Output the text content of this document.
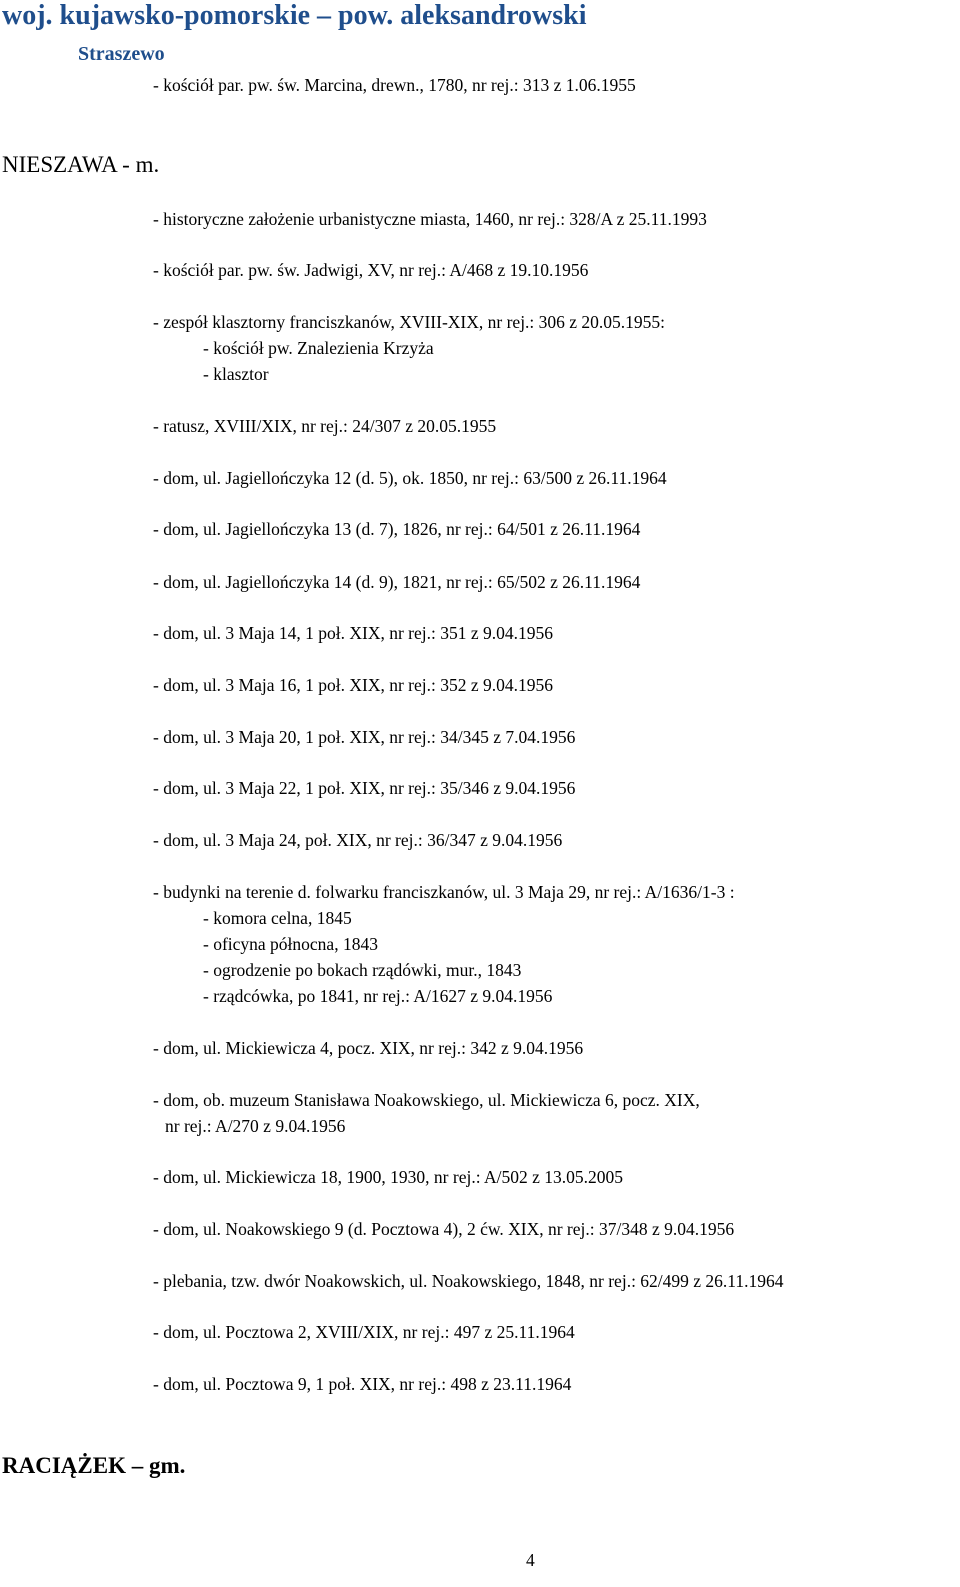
woj. kujawsko-pomorskie – pow. aleksandrowski
Straszewo
- kościół par. pw. św. Marcina, drewn., 1780, nr rej.: 313 z 1.06.1955
NIESZAWA - m.
- historyczne założenie urbanistyczne miasta, 1460, nr rej.: 328/A z 25.11.1993
- kościół par. pw. św. Jadwigi, XV, nr rej.: A/468 z 19.10.1956
- zespół klasztorny franciszkanów, XVIII-XIX, nr rej.: 306 z 20.05.1955:
- kościół pw. Znalezienia Krzyża
- klasztor
- ratusz, XVIII/XIX, nr rej.: 24/307 z 20.05.1955
- dom, ul. Jagiellończyka 12 (d. 5), ok. 1850, nr rej.: 63/500 z 26.11.1964
- dom, ul. Jagiellończyka 13 (d. 7), 1826, nr rej.: 64/501 z 26.11.1964
- dom, ul. Jagiellończyka 14 (d. 9), 1821, nr rej.: 65/502 z 26.11.1964
- dom, ul. 3 Maja 14, 1 poł. XIX, nr rej.: 351 z 9.04.1956
- dom, ul. 3 Maja 16, 1 poł. XIX, nr rej.: 352 z 9.04.1956
- dom, ul. 3 Maja 20, 1 poł. XIX, nr rej.: 34/345 z 7.04.1956
- dom, ul. 3 Maja 22, 1 poł. XIX, nr rej.: 35/346 z 9.04.1956
- dom, ul. 3 Maja 24, poł. XIX, nr rej.: 36/347 z 9.04.1956
- budynki na terenie d. folwarku franciszkanów, ul. 3 Maja 29, nr rej.: A/1636/1-3 :
- komora celna, 1845
- oficyna północna, 1843
- ogrodzenie po bokach rządówki, mur., 1843
- rządcówka, po 1841, nr rej.: A/1627 z 9.04.1956
- dom, ul. Mickiewicza 4, pocz. XIX, nr rej.: 342 z 9.04.1956
- dom, ob. muzeum Stanisława Noakowskiego, ul. Mickiewicza 6, pocz. XIX,
nr rej.: A/270 z 9.04.1956
- dom, ul. Mickiewicza 18, 1900, 1930, nr rej.: A/502 z 13.05.2005
- dom, ul. Noakowskiego 9 (d. Pocztowa 4), 2 ćw. XIX, nr rej.: 37/348 z 9.04.1956
- plebania, tzw. dwór Noakowskich, ul. Noakowskiego, 1848, nr rej.: 62/499 z 26.11.1964
- dom, ul. Pocztowa 2, XVIII/XIX, nr rej.: 497 z 25.11.1964
- dom, ul. Pocztowa 9, 1 poł. XIX, nr rej.: 498 z 23.11.1964
RACIĄŻEK – gm.
4
